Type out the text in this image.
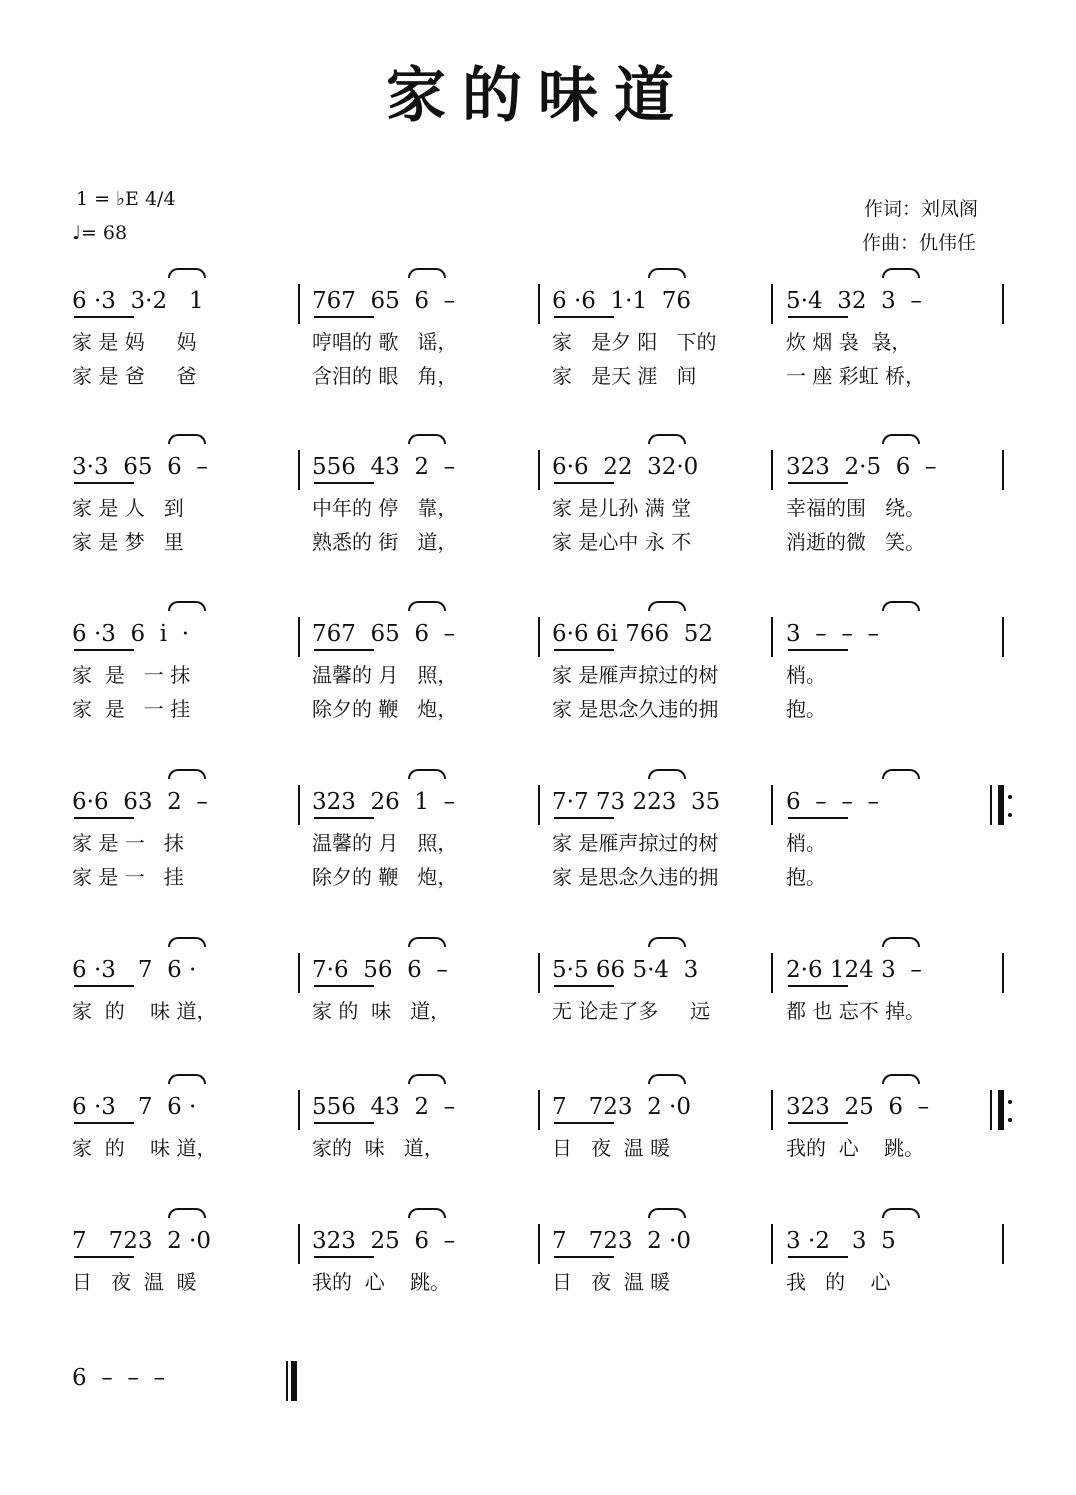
家的味道
1 = ♭E 4/4
♩= 68
作词：刘凤阁
作曲：仇伟任
6 ·3  3·2   1
家 是 妈     妈
家 是 爸     爸
767  65  6  –
哼唱的 歌   谣，
含泪的 眼   角，
6 ·6  1·1  76
家   是夕 阳   下的
家   是天 涯   间
5·4  32  3  –
炊 烟 袅  袅，
一 座 彩虹 桥，
3·3  65  6  –
家 是 人   到
家 是 梦   里
556  43  2  –
中年的 停   靠，
熟悉的 街   道，
6·6  22  32·0
家 是儿孙 满 堂
家 是心中 永 不
323  2·5  6  –
幸福的围   绕。
消逝的微   笑。
6 ·3  6  i  ·
家  是   一 抹
家  是   一 挂
767  65  6  –
温馨的 月   照，
除夕的 鞭   炮，
6·6 6i 766  52
家 是雁声掠过的树
家 是思念久违的拥
3  –  –  –
梢。
抱。
6·6  63  2  –
家 是 一   抹
家 是 一   挂
323  26  1  –
温馨的 月   照，
除夕的 鞭   炮，
7·7 73 223  35
家 是雁声掠过的树
家 是思念久违的拥
6  –  –  –
梢。
抱。
6 ·3   7  6 ·
家  的    味 道，
7·6  56  6  –
家 的  味   道，
5·5 66 5·4  3
无 论走了多     远
2·6 124 3  –
都 也 忘不 掉。
6 ·3   7  6 ·
家  的    味 道，
556  43  2  –
家的  味   道，
7   723  2 ·0
日   夜  温 暖
323  25  6  –
我的  心    跳。
7   723  2 ·0
日   夜  温  暖
323  25  6  –
我的  心    跳。
7   723  2 ·0
日   夜  温 暖
3 ·2   3  5
我   的    心
6  –  –  –
